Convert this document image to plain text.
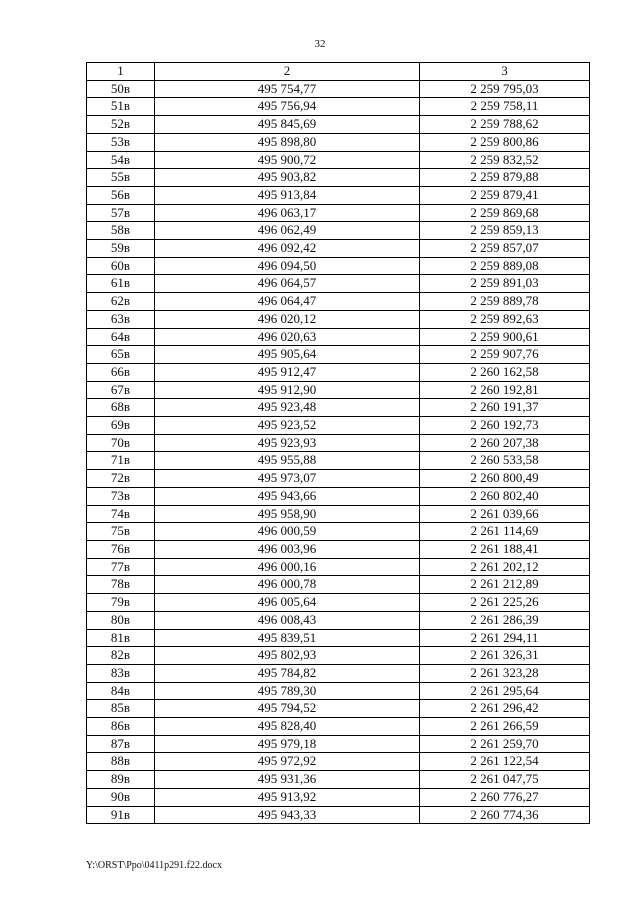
32
1	2	3
50в	495 754,77	2 259 795,03
51в	495 756,94	2 259 758,11
52в	495 845,69	2 259 788,62
53в	495 898,80	2 259 800,86
54в	495 900,72	2 259 832,52
55в	495 903,82	2 259 879,88
56в	495 913,84	2 259 879,41
57в	496 063,17	2 259 869,68
58в	496 062,49	2 259 859,13
59в	496 092,42	2 259 857,07
60в	496 094,50	2 259 889,08
61в	496 064,57	2 259 891,03
62в	496 064,47	2 259 889,78
63в	496 020,12	2 259 892,63
64в	496 020,63	2 259 900,61
65в	495 905,64	2 259 907,76
66в	495 912,47	2 260 162,58
67в	495 912,90	2 260 192,81
68в	495 923,48	2 260 191,37
69в	495 923,52	2 260 192,73
70в	495 923,93	2 260 207,38
71в	495 955,88	2 260 533,58
72в	495 973,07	2 260 800,49
73в	495 943,66	2 260 802,40
74в	495 958,90	2 261 039,66
75в	496 000,59	2 261 114,69
76в	496 003,96	2 261 188,41
77в	496 000,16	2 261 202,12
78в	496 000,78	2 261 212,89
79в	496 005,64	2 261 225,26
80в	496 008,43	2 261 286,39
81в	495 839,51	2 261 294,11
82в	495 802,93	2 261 326,31
83в	495 784,82	2 261 323,28
84в	495 789,30	2 261 295,64
85в	495 794,52	2 261 296,42
86в	495 828,40	2 261 266,59
87в	495 979,18	2 261 259,70
88в	495 972,92	2 261 122,54
89в	495 931,36	2 261 047,75
90в	495 913,92	2 260 776,27
91в	495 943,33	2 260 774,36
Y:\ORST\Ppo\0411p291.f22.docx
